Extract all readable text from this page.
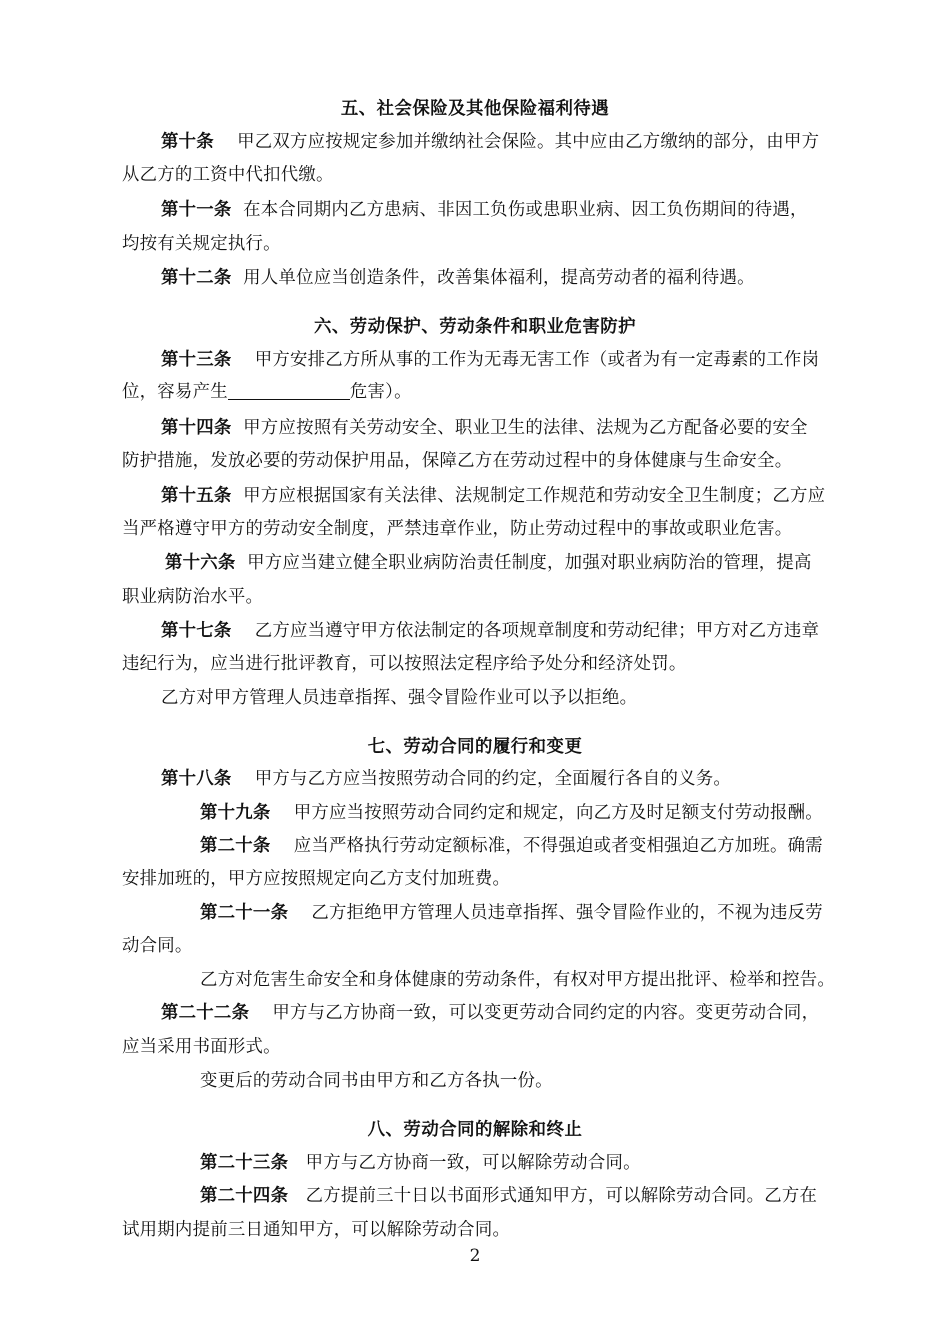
五、社会保险及其他保险福利待遇
第十条 甲乙双方应按规定参加并缴纳社会保险。其中应由乙方缴纳的部分，由甲方
从乙方的工资中代扣代缴。
第十一条 在本合同期内乙方患病、非因工负伤或患职业病、因工负伤期间的待遇，
均按有关规定执行。
第十二条 用人单位应当创造条件，改善集体福利，提高劳动者的福利待遇。
六、劳动保护、劳动条件和职业危害防护
第十三条 甲方安排乙方所从事的工作为无毒无害工作（或者为有一定毒素的工作岗
位，容易产生	危害）。
第十四条 甲方应按照有关劳动安全、职业卫生的法律、法规为乙方配备必要的安全
防护措施，发放必要的劳动保护用品，保障乙方在劳动过程中的身体健康与生命安全。
第十五条 甲方应根据国家有关法律、法规制定工作规范和劳动安全卫生制度；乙方应
当严格遵守甲方的劳动安全制度，严禁违章作业，防止劳动过程中的事故或职业危害。
第十六条 甲方应当建立健全职业病防治责任制度，加强对职业病防治的管理，提高
职业病防治水平。
第十七条 乙方应当遵守甲方依法制定的各项规章制度和劳动纪律；甲方对乙方违章
违纪行为，应当进行批评教育，可以按照法定程序给予处分和经济处罚。
乙方对甲方管理人员违章指挥、强令冒险作业可以予以拒绝。
七、劳动合同的履行和变更
第十八条 甲方与乙方应当按照劳动合同的约定，全面履行各自的义务。
第十九条 甲方应当按照劳动合同约定和规定，向乙方及时足额支付劳动报酬。
第二十条 应当严格执行劳动定额标准，不得强迫或者变相强迫乙方加班。确需
安排加班的，甲方应按照规定向乙方支付加班费。
第二十一条 乙方拒绝甲方管理人员违章指挥、强令冒险作业的，不视为违反劳
动合同。
乙方对危害生命安全和身体健康的劳动条件，有权对甲方提出批评、检举和控告。
第二十二条 甲方与乙方协商一致，可以变更劳动合同约定的内容。变更劳动合同，
应当采用书面形式。
变更后的劳动合同书由甲方和乙方各执一份。
八、劳动合同的解除和终止
第二十三条 甲方与乙方协商一致，可以解除劳动合同。
第二十四条 乙方提前三十日以书面形式通知甲方，可以解除劳动合同。乙方在
试用期内提前三日通知甲方，可以解除劳动合同。
2
